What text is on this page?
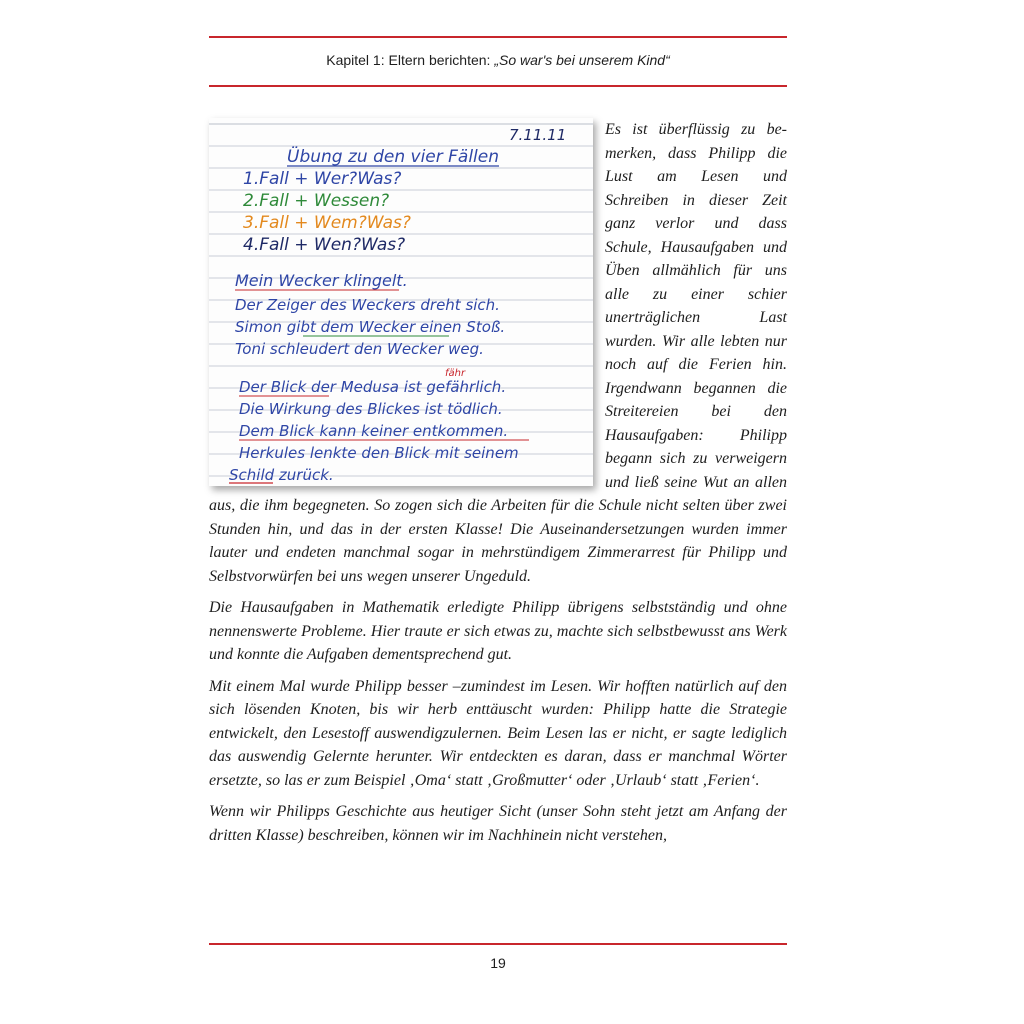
Kapitel 1: Eltern berichten: „So war's bei unserem Kind“
7.11.11
Übung zu den vier Fällen
1.Fall + Wer?Was?
2.Fall + Wessen?
3.Fall + Wem?Was?
4.Fall + Wen?Was?
Mein Wecker klingelt.
Der Zeiger des Weckers dreht sich.
Simon gibt dem Wecker einen Stoß.
Toni schleudert den Wecker weg.
fähr
Der Blick der Medusa ist gefährlich.
Die Wirkung des Blickes ist tödlich.
Dem Blick kann keiner entkommen.
Herkules lenkte den Blick mit seinem
Schild zurück.

Es ist überflüssig zu bemerken, dass Philipp die Lust am Lesen und Schreiben in dieser Zeit ganz verlor und dass Schule, Hausaufgaben und Üben allmählich für uns alle zu einer schier unerträglichen Last wurden. Wir alle lebten nur noch auf die Ferien hin. Irgendwann begannen die Streitereien bei den Hausaufgaben: Philipp begann sich zu verweigern und ließ seine Wut an allen aus, die ihm begegneten. So zogen sich die Arbeiten für die Schule nicht selten über zwei Stunden hin, und das in der ersten Klasse! Die Auseinandersetzungen wurden immer lauter und endeten manchmal sogar in mehrstündigem Zimmerarrest für Philipp und Selbstvorwürfen bei uns wegen unserer Ungeduld.

Die Hausaufgaben in Mathematik erledigte Philipp übrigens selbstständig und ohne nennenswerte Probleme. Hier traute er sich etwas zu, machte sich selbstbewusst ans Werk und konnte die Aufgaben dementsprechend gut.

Mit einem Mal wurde Philipp besser –zumindest im Lesen. Wir hofften natürlich auf den sich lösenden Knoten, bis wir herb enttäuscht wurden: Philipp hatte die Strategie entwickelt, den Lesestoff auswendigzulernen. Beim Lesen las er nicht, er sagte lediglich das auswendig Gelernte herunter. Wir entdeckten es daran, dass er manchmal Wörter ersetzte, so las er zum Beispiel ‚Oma‘ statt ‚Großmutter‘ oder ‚Urlaub‘ statt ‚Ferien‘.

Wenn wir Philipps Geschichte aus heutiger Sicht (unser Sohn steht jetzt am Anfang der dritten Klasse) beschreiben, können wir im Nachhinein nicht verstehen,

19
